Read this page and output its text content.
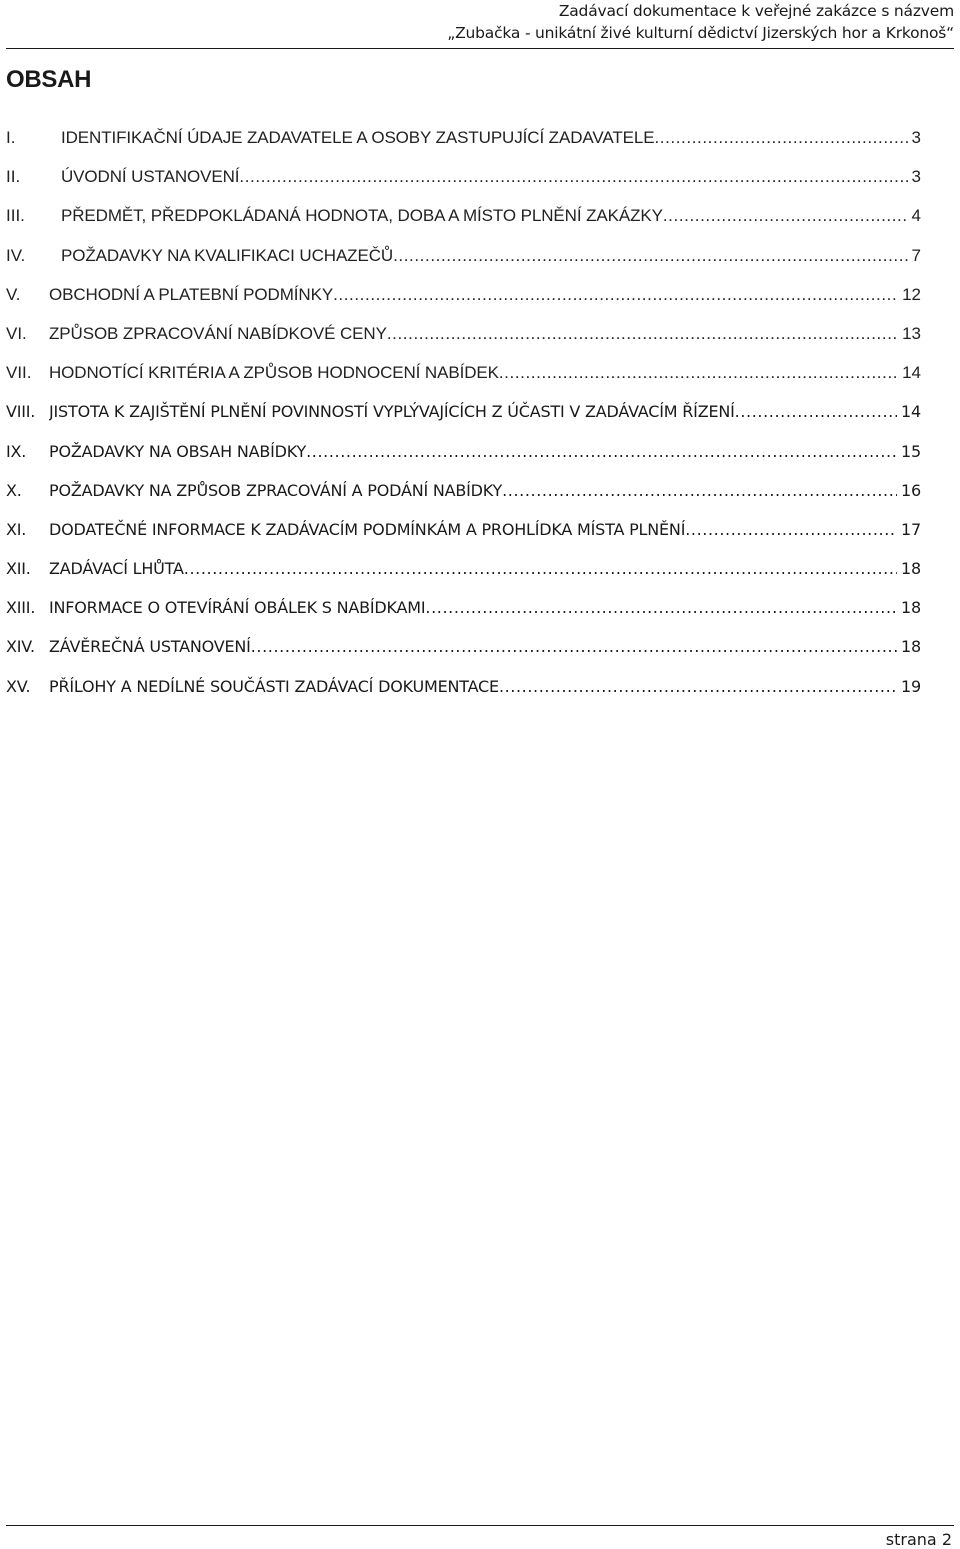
Zadávací dokumentace k veřejné zakázce s názvem
„Zubačka - unikátní živé kulturní dědictví Jizerských hor a Krkonoš“
OBSAH
I.	IDENTIFIKAČNÍ ÚDAJE ZADAVATELE A OSOBY ZASTUPUJÍCÍ ZADAVATELE .....	3
II.	ÚVODNÍ USTANOVENÍ .....	3
III.	PŘEDMĚT, PŘEDPOKLÁDANÁ HODNOTA, DOBA A MÍSTO PLNĚNÍ ZAKÁZKY .....	4
IV.	POŽADAVKY NA KVALIFIKACI UCHAZEČŮ .....	7
V.	OBCHODNÍ A PLATEBNÍ PODMÍNKY .....	12
VI.	ZPŮSOB ZPRACOVÁNÍ NABÍDKOVÉ CENY .....	13
VII.	HODNOTÍCÍ KRITÉRIA A ZPŮSOB HODNOCENÍ NABÍDEK .....	14
VIII. JISTOTA K ZAJIŠTĚNÍ PLNĚNÍ POVINNOSTÍ VYPLÝVAJÍCÍCH Z ÚČASTI V ZADÁVACÍM ŘÍZENÍ .....	14
IX.	POŽADAVKY NA OBSAH NABÍDKY .....	15
X.	POŽADAVKY NA ZPŮSOB ZPRACOVÁNÍ A PODÁNÍ NABÍDKY .....	16
XI.	DODATEČNÉ INFORMACE K ZADÁVACÍM PODMÍNKÁM A PROHLÍDKA MÍSTA PLNĚNÍ .....	17
XII.	ZADÁVACÍ LHŮTA .....	18
XIII. INFORMACE O OTEVÍRÁNÍ OBÁLEK S NABÍDKAMI .....	18
XIV. ZÁVĚREČNÁ USTANOVENÍ .....	18
XV.	PŘÍLOHY A NEDÍLNÉ SOUČÁSTI ZADÁVACÍ DOKUMENTACE .....	19
strana 2
